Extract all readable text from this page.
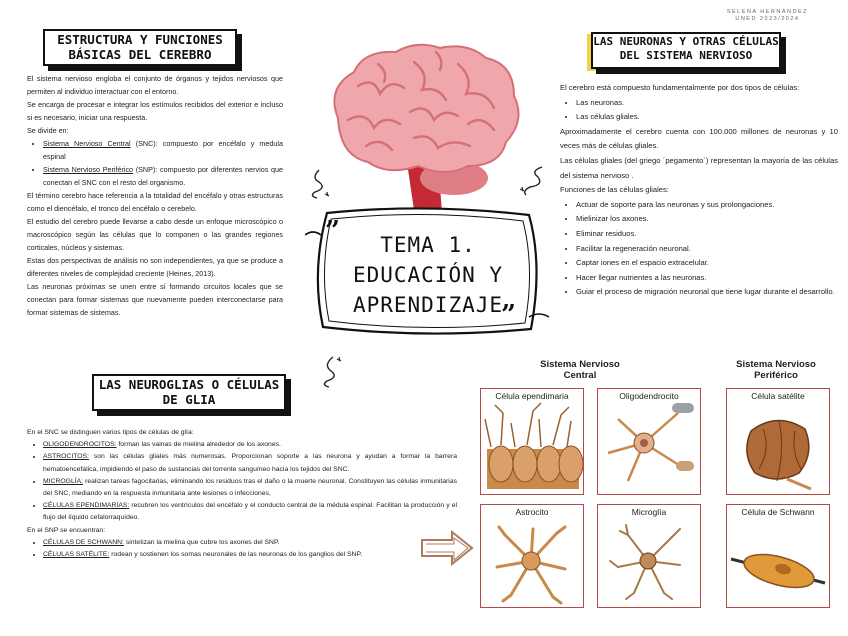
SELENA HERNÁNDEZ
UNED 2023/2024
ESTRUCTURA Y FUNCIONES
BÁSICAS DEL CEREBRO

El sistema nervioso engloba el conjunto de órganos y tejidos nerviosos que permiten al individuo interactuar con el entorno.

Se encarga de procesar e integrar los estímulos recibidos del exterior e incluso si es necesario, iniciar una respuesta.

Se divide en:

• Sistema Nervioso Central (SNC): compuesto por encéfalo y medula espinal
• Sistema Nervioso Periférico (SNP): compuesto por diferentes nervios que conectan el SNC con el resto del organismo.

El término cerebro hace referencia a la totalidad del encéfalo y otras estructuras como el diencéfalo, el tronco del encéfalo o cerebelo.

El estudio del cerebro puede llevarse a cabo desde un enfoque microscópico o macroscópico según las células que lo componen o las grandes regiones corticales, núcleos y sistemas.

Estas dos perspectivas de análisis no son independientes, ya que se produce a diferentes niveles de complejidad creciente (Heines, 2013).

Las neuronas próximas se unen entre sí formando circuitos locales que se conectan para formar sistemas que nuevamente pueden interconectarse para formar sistemas de sistemas.

”
”
TEMA 1.
EDUCACIÓN Y
APRENDIZAJE
LAS NEURONAS Y OTRAS CÉLULAS
DEL SISTEMA NERVIOSO

El cerebro está compuesto fundamentalmente por dos tipos de células:

• Las neuronas.
• Las células gliales.

Aproximadamente el cerebro cuenta con 100.000 millones de neuronas y 10 veces más de células gliales.

Las células gliales (del griego ´pegamento´) representan la mayoría de las células del sistema nervioso .

Funciones de las células gliales:

• Actuar de soporte para las neuronas y sus prolongaciones.
• Mielinizar los axones.
• Eliminar residuos.
• Facilitar la regeneración neuronal.
• Captar iones en el espacio extracelular.
• Hacer llegar nutrientes a las neuronas.
• Guiar el proceso de migración neuronal que tiene lugar durante el desarrollo.
LAS NEUROGLIAS O CÉLULAS
DE GLIA

En el SNC se distinguen varios tipos de células de glía:

• OLIGODENDROCITOS: forman las vainas de mielina alrededor de los axones.
• ASTROCITOS: son las células gliales más numerosas. Proporcionan soporte a las neurona y ayudan a formar la barrera hematoencefálica, impidiendo el paso de sustancias del torrente sanguíneo hacia los tejidos del SNC.
• MICROGLÍA: realizan tareas fagocitarias, eliminando los residuos tras el daño o la muerte neuronal. Constituyen las células inmunitarias del SNC, mediando en la respuesta inmunitaria ante lesiones o infecciones,
• CÉLULAS EPENDIMARIAS: recubren los ventrículos del encéfalo y el conducto central de la médula espinal. Facilitan la producción y el flujo del líquido cefalorraquídeo.

En el SNP se encuentran:

• CÉLULAS DE SCHWANN: sintetizan la mielina que cubre los axones del SNP.
• CÉLULAS SATÉLITE: rodean y sostienen los somas neuronales de las neuronas de los ganglios del SNP.
Sistema Nervioso
Central
Sistema Nervioso
Periférico
Célula ependimaria	Oligodendrocito	Célula satélite
Astrocito	Microglía	Célula de Schwann
